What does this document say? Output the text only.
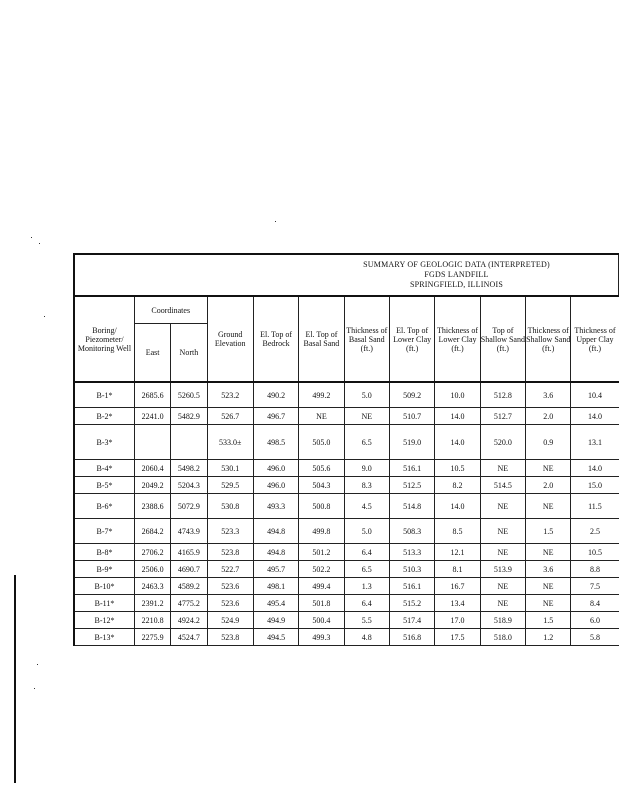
SUMMARY OF GEOLOGIC DATA (INTERPRETED)
FGDS LANDFILL
SPRINGFIELD, ILLINOIS											

Boring/ Piezometer/ Monitoring Well	Coordinates		Ground Elevation	El. Top of Bedrock	El. Top of Basal Sand	Thickness of Basal Sand (ft.)	El. Top of Lower Clay (ft.)	Thickness of Lower Clay (ft.)	Top of Shallow Sand (ft.)	Thickness of Shallow Sand (ft.)	Thickness of Upper Clay (ft.)
	East	North									
B-1*	2685.6	5260.5	523.2	490.2	499.2	5.0	509.2	10.0	512.8	3.6	10.4
B-2*	2241.0	5482.9	526.7	496.7	NE	NE	510.7	14.0	512.7	2.0	14.0
B-3*			533.0±	498.5	505.0	6.5	519.0	14.0	520.0	0.9	13.1
B-4*	2060.4	5498.2	530.1	496.0	505.6	9.0	516.1	10.5	NE	NE	14.0
B-5*	2049.2	5204.3	529.5	496.0	504.3	8.3	512.5	8.2	514.5	2.0	15.0
B-6*	2388.6	5072.9	530.8	493.3	500.8	4.5	514.8	14.0	NE	NE	11.5
B-7*	2684.2	4743.9	523.3	494.8	499.8	5.0	508.3	8.5	NE	1.5	2.5
B-8*	2706.2	4165.9	523.8	494.8	501.2	6.4	513.3	12.1	NE	NE	10.5
B-9*	2506.0	4690.7	522.7	495.7	502.2	6.5	510.3	8.1	513.9	3.6	8.8
B-10*	2463.3	4589.2	523.6	498.1	499.4	1.3	516.1	16.7	NE	NE	7.5
B-11*	2391.2	4775.2	523.6	495.4	501.8	6.4	515.2	13.4	NE	NE	8.4
B-12*	2210.8	4924.2	524.9	494.9	500.4	5.5	517.4	17.0	518.9	1.5	6.0
B-13*	2275.9	4524.7	523.8	494.5	499.3	4.8	516.8	17.5	518.0	1.2	5.8
